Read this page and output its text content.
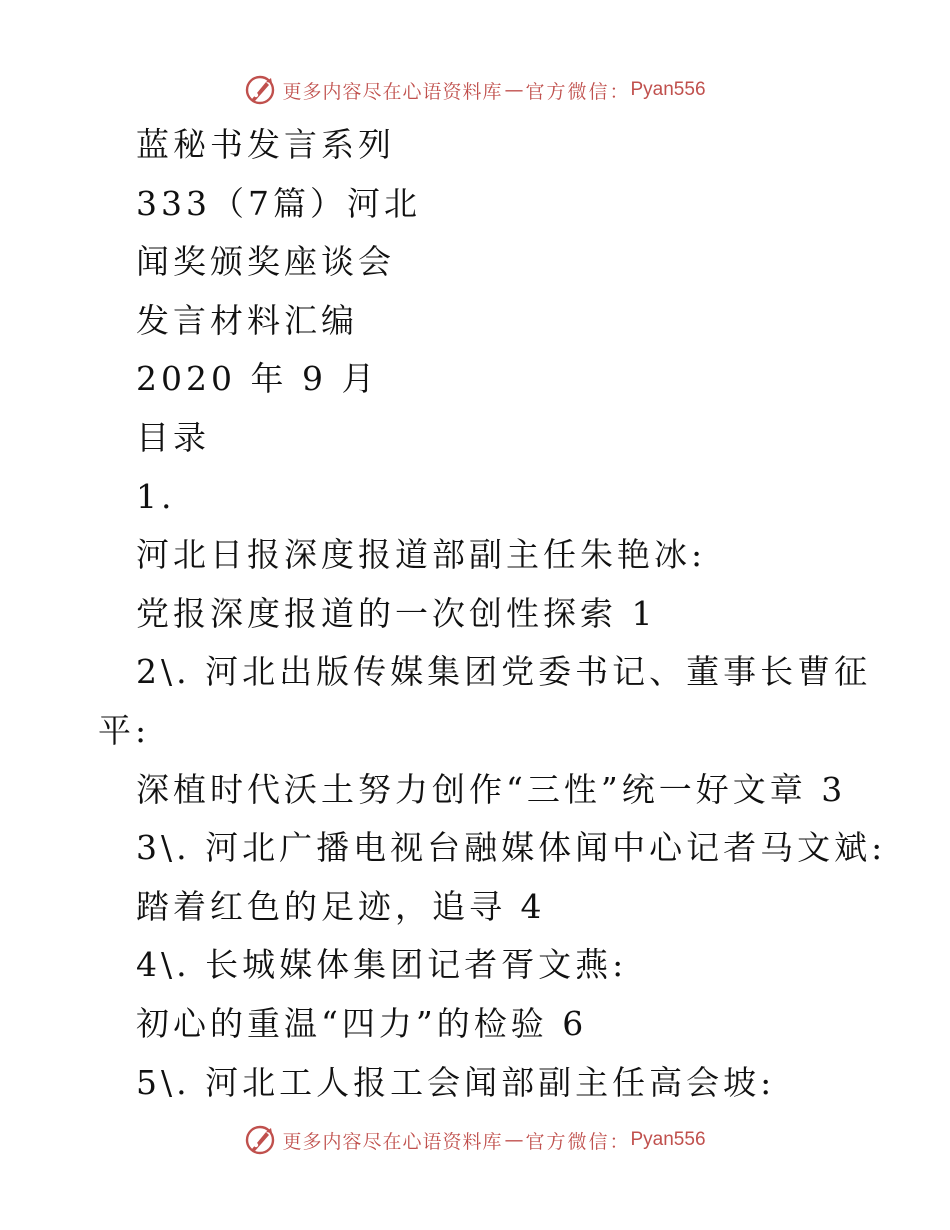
更多内容尽在心语资料库 — 官方微信： Pyan556
蓝秘书发言系列
333（7篇）河北
闻奖颁奖座谈会
发言材料汇编
2020 年 9 月
目录
1.
河北日报深度报道部副主任朱艳冰:
党报深度报道的一次创性探索 1
2\. 河北出版传媒集团党委书记、董事长曹征
平:
深植时代沃土努力创作“三性”统一好文章 3
3\. 河北广播电视台融媒体闻中心记者马文斌:
踏着红色的足迹，追寻 4
4\. 长城媒体集团记者胥文燕:
初心的重温“四力”的检验 6
5\. 河北工人报工会闻部副主任高会坡:
更多内容尽在心语资料库 — 官方微信： Pyan556
